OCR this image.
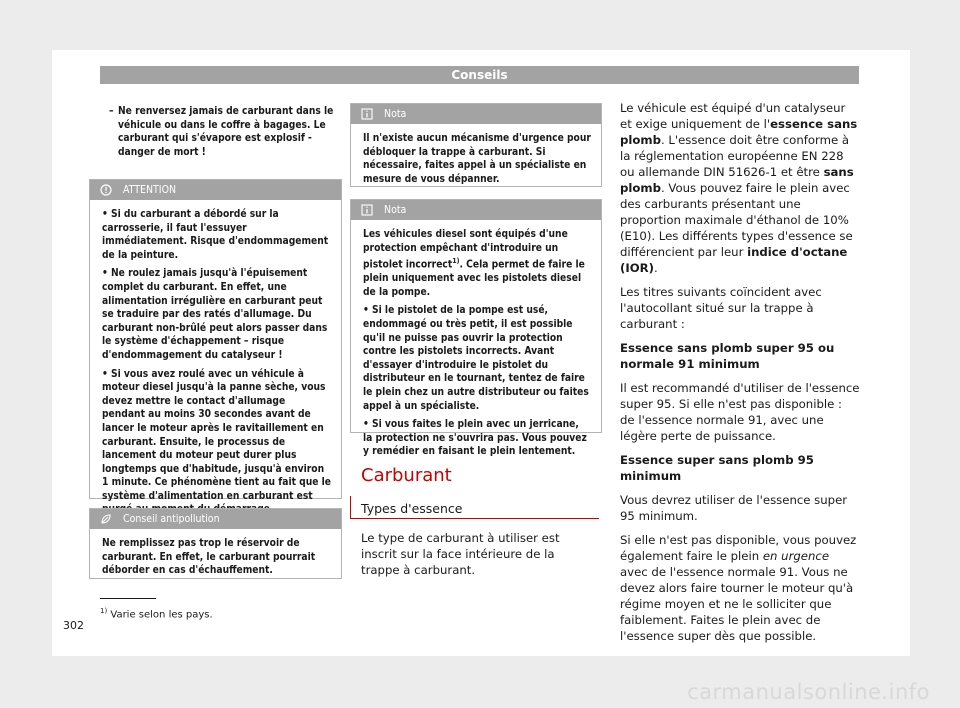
Conseils
– Ne renversez jamais de carburant dans le véhicule ou dans le coffre à bagages. Le carburant qui s'évapore est explosif - danger de mort !
ATTENTION

• Si du carburant a débordé sur la carrosserie, il faut l'essuyer immédiatement. Risque d'endommagement de la peinture.

• Ne roulez jamais jusqu'à l'épuisement complet du carburant. En effet, une alimentation irrégulière en carburant peut se traduire par des ratés d'allumage. Du carburant non-brûlé peut alors passer dans le système d'échappement – risque d'endommagement du catalyseur !

• Si vous avez roulé avec un véhicule à moteur diesel jusqu'à la panne sèche, vous devez mettre le contact d'allumage pendant au moins 30 secondes avant de lancer le moteur après le ravitaillement en carburant. Ensuite, le processus de lancement du moteur peut durer plus longtemps que d'habitude, jusqu'à environ 1 minute. Ce phénomène tient au fait que le système d'alimentation en carburant est

Conseil antipollution

Ne remplissez pas trop le réservoir de carburant. En effet, le carburant pourrait déborder en cas d'échauffement.

Nota

Il n'existe aucun mécanisme d'urgence pour débloquer la trappe à carburant. Si nécessaire, faites appel à un spécialiste en mesure de vous dépanner.

Nota

Les véhicules diesel sont équipés d'une protection empêchant d'introduire un pistolet incorrect$^{1)}$. Cela permet de faire le plein uniquement avec les pistolets diesel de la pompe.

• Si le pistolet de la pompe est usé, endommagé ou très petit, il est possible qu'il ne puisse pas ouvrir la protection contre les pistolets incorrects. Avant d'essayer d'introduire le pistolet du distributeur en le tournant, tentez de faire le plein chez un autre distributeur ou faites appel à un spécialiste.

• Si vous faites le plein avec un jerricane, la protection ne s'ouvrira pas. Vous pouvez y remédier en faisant le plein lentement.

Carburant
Types d'essence

Le type de carburant à utiliser est inscrit sur la face intérieure de la trappe à carburant.

Le véhicule est équipé d'un catalyseur et exige uniquement de l'essence sans plomb. L'essence doit être conforme à la réglementation européenne EN 228 ou allemande DIN 51626-1 et être sans plomb. Vous pouvez faire le plein avec des carburants présentant une proportion maximale d'éthanol de 10% (E10). Les différents types d'essence se différencient par leur indice d'octane (IOR).

Les titres suivants coïncident avec l'autocollant situé sur la trappe à carburant :

Essence sans plomb super 95 ou normale 91 minimum

Il est recommandé d'utiliser de l'essence super 95. Si elle n'est pas disponible : de l'essence normale 91, avec une légère perte de puissance.

Essence super sans plomb 95 minimum

Vous devrez utiliser de l'essence super 95 minimum.

Si elle n'est pas disponible, vous pouvez également faire le plein en urgence avec de l'essence normale 91. Vous ne devez alors faire tourner le moteur qu'à régime moyen et ne le solliciter que faiblement. Faites le plein avec de l'essence super dès que possible.

$^{1)}$ Varie selon les pays.
302
carmanualsonline.info
